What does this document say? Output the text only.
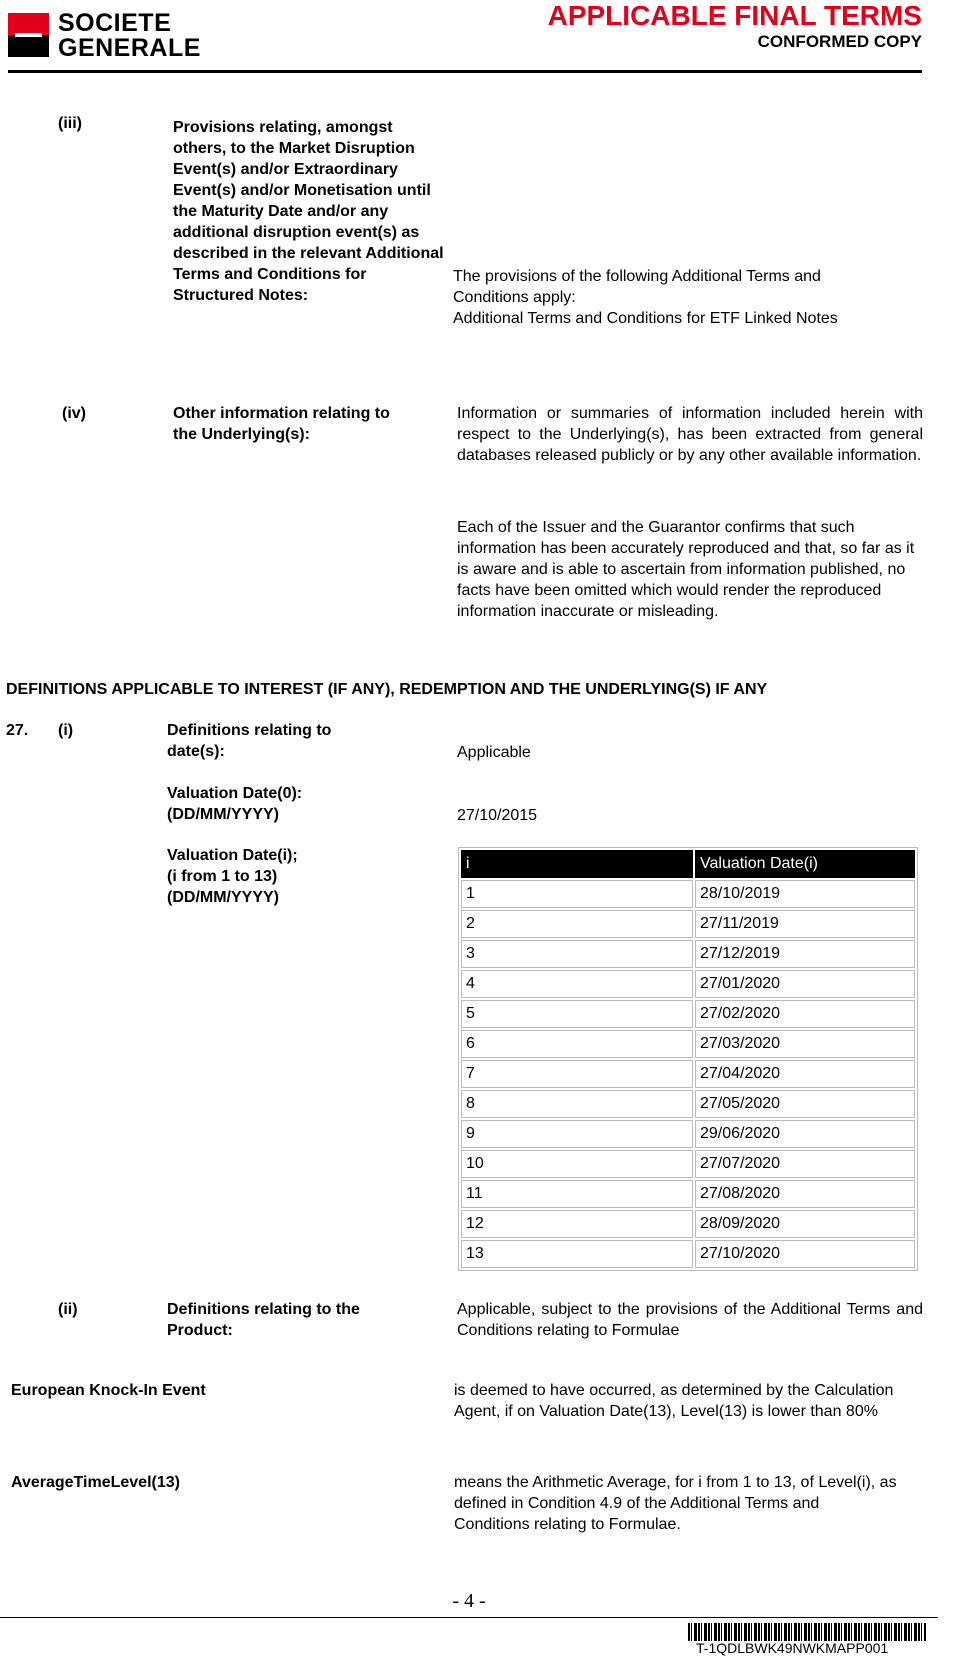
SOCIETE
GENERALE
APPLICABLE FINAL TERMS
CONFORMED COPY
(iii)	Provisions relating, amongst others, to the Market Disruption Event(s) and/or Extraordinary Event(s) and/or Monetisation until the Maturity Date and/or any additional disruption event(s) as described in the relevant Additional Terms and Conditions for Structured Notes:
The provisions of the following Additional Terms and Conditions apply:
Additional Terms and Conditions for ETF Linked Notes
(iv)	Other information relating to the Underlying(s):
Information or summaries of information included herein with respect to the Underlying(s), has been extracted from general databases released publicly or by any other available information.
Each of the Issuer and the Guarantor confirms that such information has been accurately reproduced and that, so far as it is aware and is able to ascertain from information published, no facts have been omitted which would render the reproduced information inaccurate or misleading.
DEFINITIONS APPLICABLE TO INTEREST (IF ANY), REDEMPTION AND THE UNDERLYING(S) IF ANY
27. (i)	Definitions relating to date(s):	Applicable
Valuation Date(0): (DD/MM/YYYY)	27/10/2015
Valuation Date(i);
(i from 1 to 13)
(DD/MM/YYYY)
i	Valuation Date(i)
1	28/10/2019
2	27/11/2019
3	27/12/2019
4	27/01/2020
5	27/02/2020
6	27/03/2020
7	27/04/2020
8	27/05/2020
9	29/06/2020
10	27/07/2020
11	27/08/2020
12	28/09/2020
13	27/10/2020
(ii)	Definitions relating to the Product:
Applicable, subject to the provisions of the Additional Terms and Conditions relating to Formulae
European Knock-In Event	is deemed to have occurred, as determined by the Calculation Agent, if on Valuation Date(13), Level(13) is lower than 80%
AverageTimeLevel(13)	means the Arithmetic Average, for i from 1 to 13, of Level(i), as defined in Condition 4.9 of the Additional Terms and Conditions relating to Formulae.
- 4 -
T-1QDLBWK49NWKMAPP001
